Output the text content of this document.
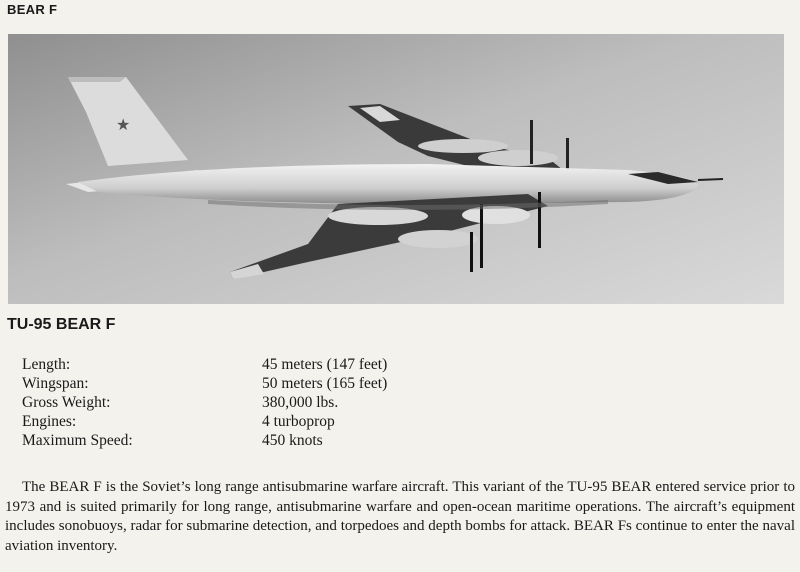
BEAR F
★
TU-95 BEAR F
Length:	45 meters (147 feet)
Wingspan:	50 meters (165 feet)
Gross Weight:	380,000 lbs.
Engines:	4 turboprop
Maximum Speed:	450 knots
The BEAR F is the Soviet’s long range antisubmarine warfare aircraft. This variant of the TU-95 BEAR entered service prior to 1973 and is suited primarily for long range, antisubmarine warfare and open-ocean maritime operations. The aircraft’s equipment includes sonobuoys, radar for submarine detection, and torpedoes and depth bombs for attack. BEAR Fs continue to enter the naval aviation inventory.
